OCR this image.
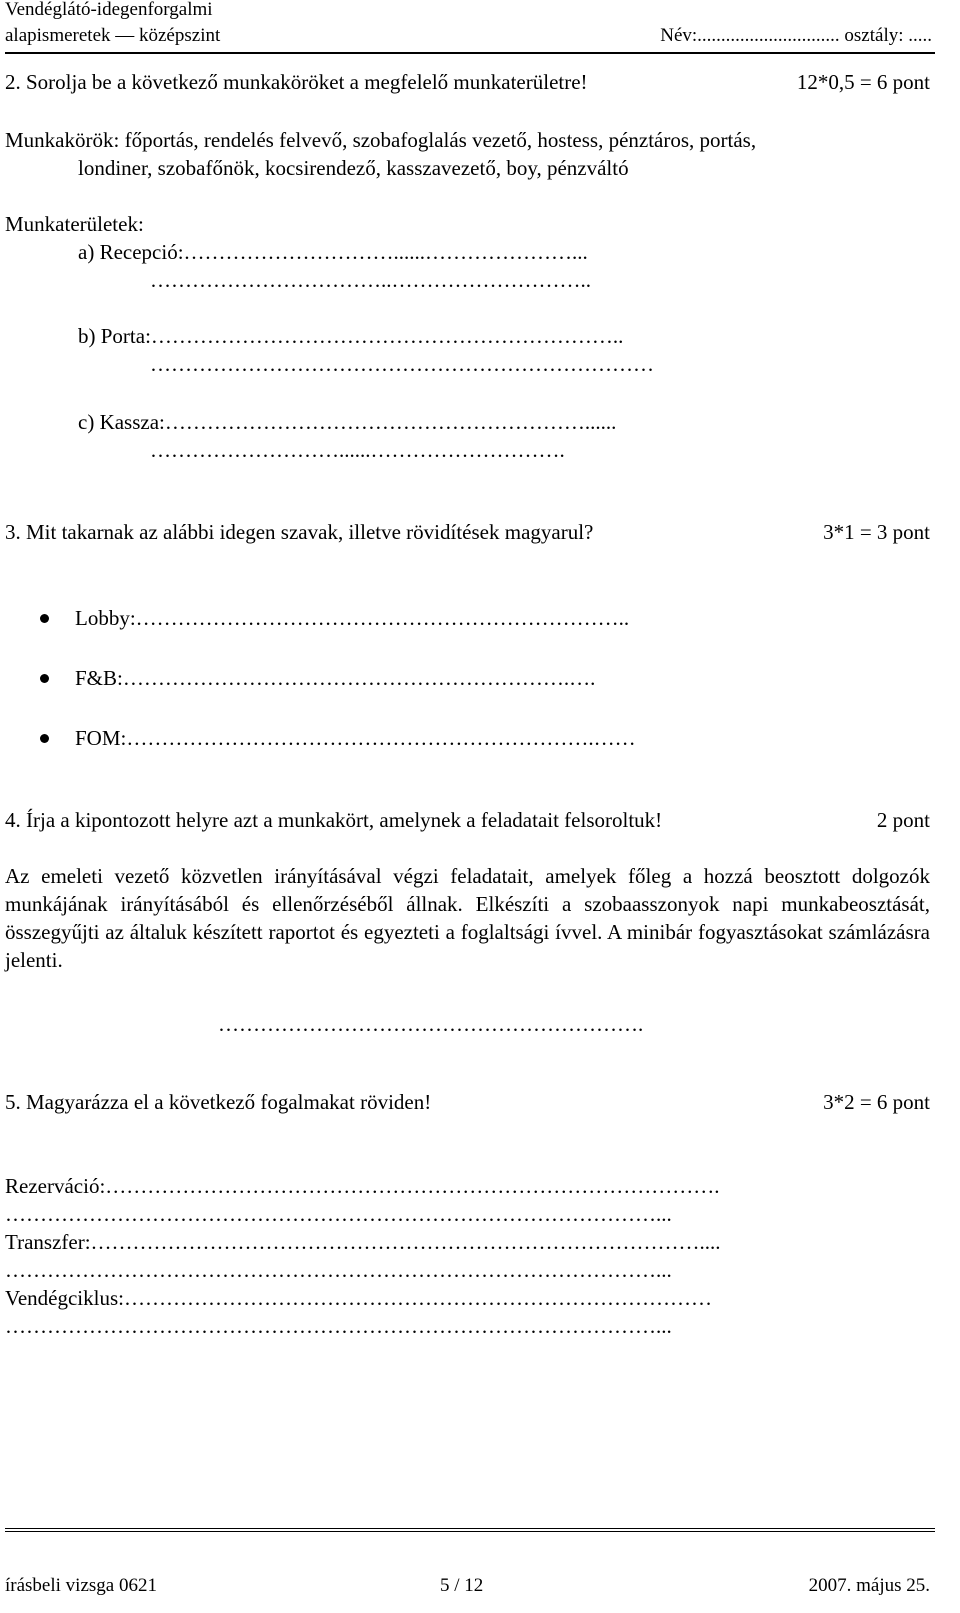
Vendéglátó-idegenforgalmi
alapismeretek — középszint	Név:.............................. osztály: .....
2. Sorolja be a következő munkaköröket a megfelelő munkaterületre!	12*0,5 = 6 pont
Munkakörök: főportás, rendelés felvevő, szobafoglalás vezető, hostess, pénztáros, portás,
londiner, szobafőnök, kocsirendező, kasszavezető, boy, pénzváltó
Munkaterületek:
a) Recepció:…………………………......…………………...
……………………………..………………………..
b) Porta:…………………………………………………………..
………………………………………………………………
c) Kassza:……………………………………………………......
………………………......……………………….
3. Mit takarnak az alábbi idegen szavak, illetve rövidítések magyarul?	3*1 = 3 pont
Lobby:……………………………………………………………..
F&B:……………………………………………………….….
FOM:………………………………………………………….……
4. Írja a kipontozott helyre azt a munkakört, amelynek a feladatait felsoroltuk!	2 pont
Az emeleti vezető közvetlen irányításával végzi feladatait, amelyek főleg a hozzá beosztott dolgozók munkájának irányításából és ellenőrzéséből állnak. Elkészíti a szobaasszonyok napi munkabeosztását, összegyűjti az általuk készített raportot és egyezteti a foglaltsági ívvel. A minibár fogyasztásokat számlázásra jelenti.
…………………………………………………….
5. Magyarázza el a következő fogalmakat röviden!	3*2 = 6 pont
Rezerváció:…………………………………………………………………………….
…………………………………………………………………………………...
Transzfer:……………………………………………………………………………....
…………………………………………………………………………………...
Vendégciklus:…………………………………………………………………………
…………………………………………………………………………………...
írásbeli vizsga 0621	5 / 12	2007. május 25.
